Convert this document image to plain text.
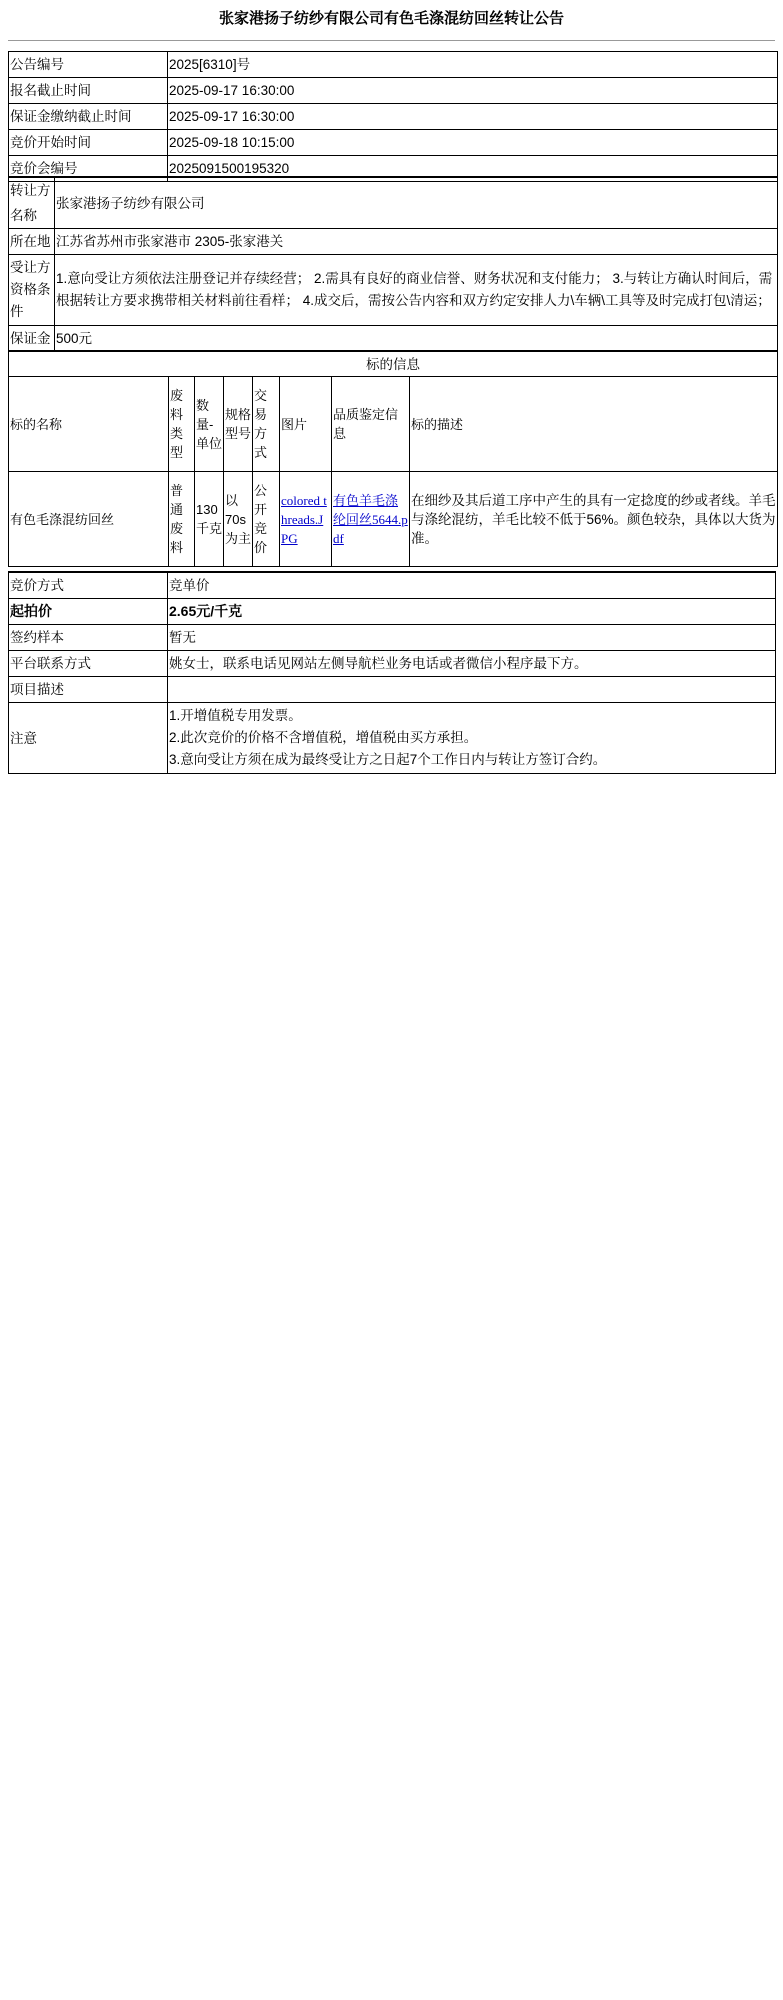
张家港扬子纺纱有限公司有色毛涤混纺回丝转让公告
公告编号	2025[6310]号
报名截止时间	2025-09-17 16:30:00
保证金缴纳截止时间	2025-09-17 16:30:00
竞价开始时间	2025-09-18 10:15:00
竞价会编号	2025091500195320
转让方名称	张家港扬子纺纱有限公司
所在地	江苏省苏州市张家港市 2305-张家港关
受让方资格条件	1.意向受让方须依法注册登记并存续经营； 2.需具有良好的商业信誉、财务状况和支付能力； 3.与转让方确认时间后，需根据转让方要求携带相关材料前往看样； 4.成交后，需按公告内容和双方约定安排人力\车辆\工具等及时完成打包\清运；
保证金	500元
标的信息							
标的名称	废料类型	数量-单位	规格型号	交易方式	图片	品质鉴定信息	标的描述
有色毛涤混纺回丝	普通废料	130千克	以70s为主	公开竞价	colored threads.JPG	有色羊毛涤纶回丝5644.pdf	在细纱及其后道工序中产生的具有一定捻度的纱或者线。羊毛与涤纶混纺，羊毛比较不低于56%。颜色较杂，具体以大货为准。
竞价方式	竞单价
起拍价	2.65元/千克
签约样本	暂无
平台联系方式	姚女士，联系电话见网站左侧导航栏业务电话或者微信小程序最下方。
项目描述	
注意	1.开增值税专用发票。
2.此次竞价的价格不含增值税，增值税由买方承担。
3.意向受让方须在成为最终受让方之日起7个工作日内与转让方签订合约。
